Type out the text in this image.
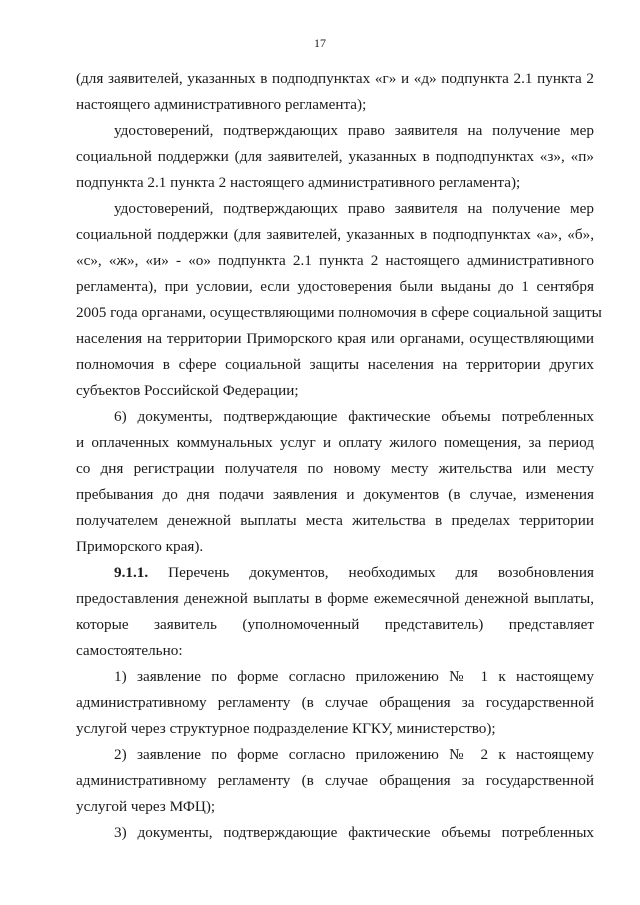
17
(для заявителей, указанных в подподпунктах «г» и «д» подпункта 2.1 пункта 2
настоящего административного регламента);
удостоверений, подтверждающих право заявителя на получение мер
социальной поддержки (для заявителей, указанных в подподпунктах «з», «п»
подпункта 2.1 пункта 2 настоящего административного регламента);
удостоверений, подтверждающих право заявителя на получение мер
социальной поддержки (для заявителей, указанных в подподпунктах «а», «б»,
«с», «ж», «и» - «о» подпункта 2.1 пункта 2 настоящего административного
регламента), при условии, если удостоверения были выданы до 1 сентября
2005 года органами, осуществляющими полномочия в сфере социальной защиты
населения на территории Приморского края или органами, осуществляющими
полномочия в сфере социальной защиты населения на территории других
субъектов Российской Федерации;
6) документы, подтверждающие фактические объемы потребленных
и оплаченных коммунальных услуг и оплату жилого помещения, за период
со дня регистрации получателя по новому месту жительства или месту
пребывания до дня подачи заявления и документов (в случае, изменения
получателем денежной выплаты места жительства в пределах территории
Приморского края).
9.1.1. Перечень документов, необходимых для возобновления
предоставления денежной выплаты в форме ежемесячной денежной выплаты,
которые заявитель (уполномоченный представитель) представляет
самостоятельно:
1) заявление по форме согласно приложению № 1 к настоящему
административному регламенту (в случае обращения за государственной
услугой через структурное подразделение КГКУ, министерство);
2) заявление по форме согласно приложению № 2 к настоящему
административному регламенту (в случае обращения за государственной
услугой через МФЦ);
3) документы, подтверждающие фактические объемы потребленных
